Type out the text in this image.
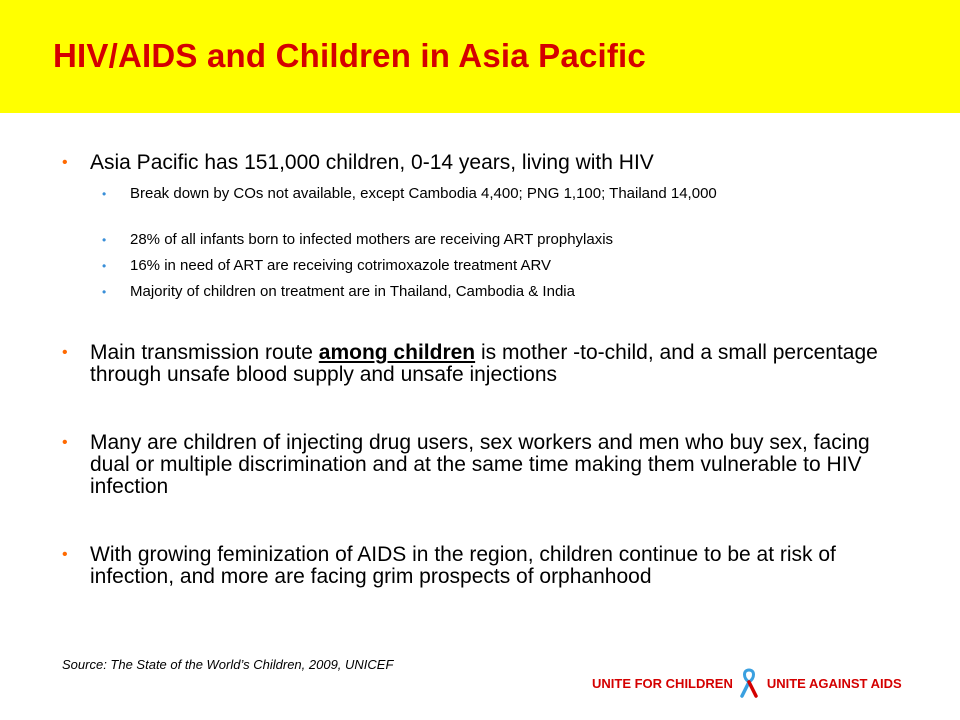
HIV/AIDS and Children in Asia Pacific
• Asia Pacific has 151,000 children, 0-14 years, living with HIV
• Break down by COs not available, except Cambodia 4,400; PNG 1,100; Thailand 14,000
• 28% of all infants born to infected mothers are receiving ART prophylaxis
• 16% in need of ART are receiving cotrimoxazole treatment ARV
• Majority of children on treatment are in Thailand, Cambodia & India
• Main transmission route among children is mother -to-child, and a small percentage through unsafe blood supply and unsafe injections
• Many are children of injecting drug users, sex workers and men who buy sex, facing dual or multiple discrimination and at the same time making them vulnerable to HIV infection
• With growing feminization of AIDS in the region, children continue to be at risk of infection, and more are facing grim prospects of orphanhood
Source: The State of the World’s Children, 2009, UNICEF
UNITE FOR CHILDREN	UNITE AGAINST AIDS
